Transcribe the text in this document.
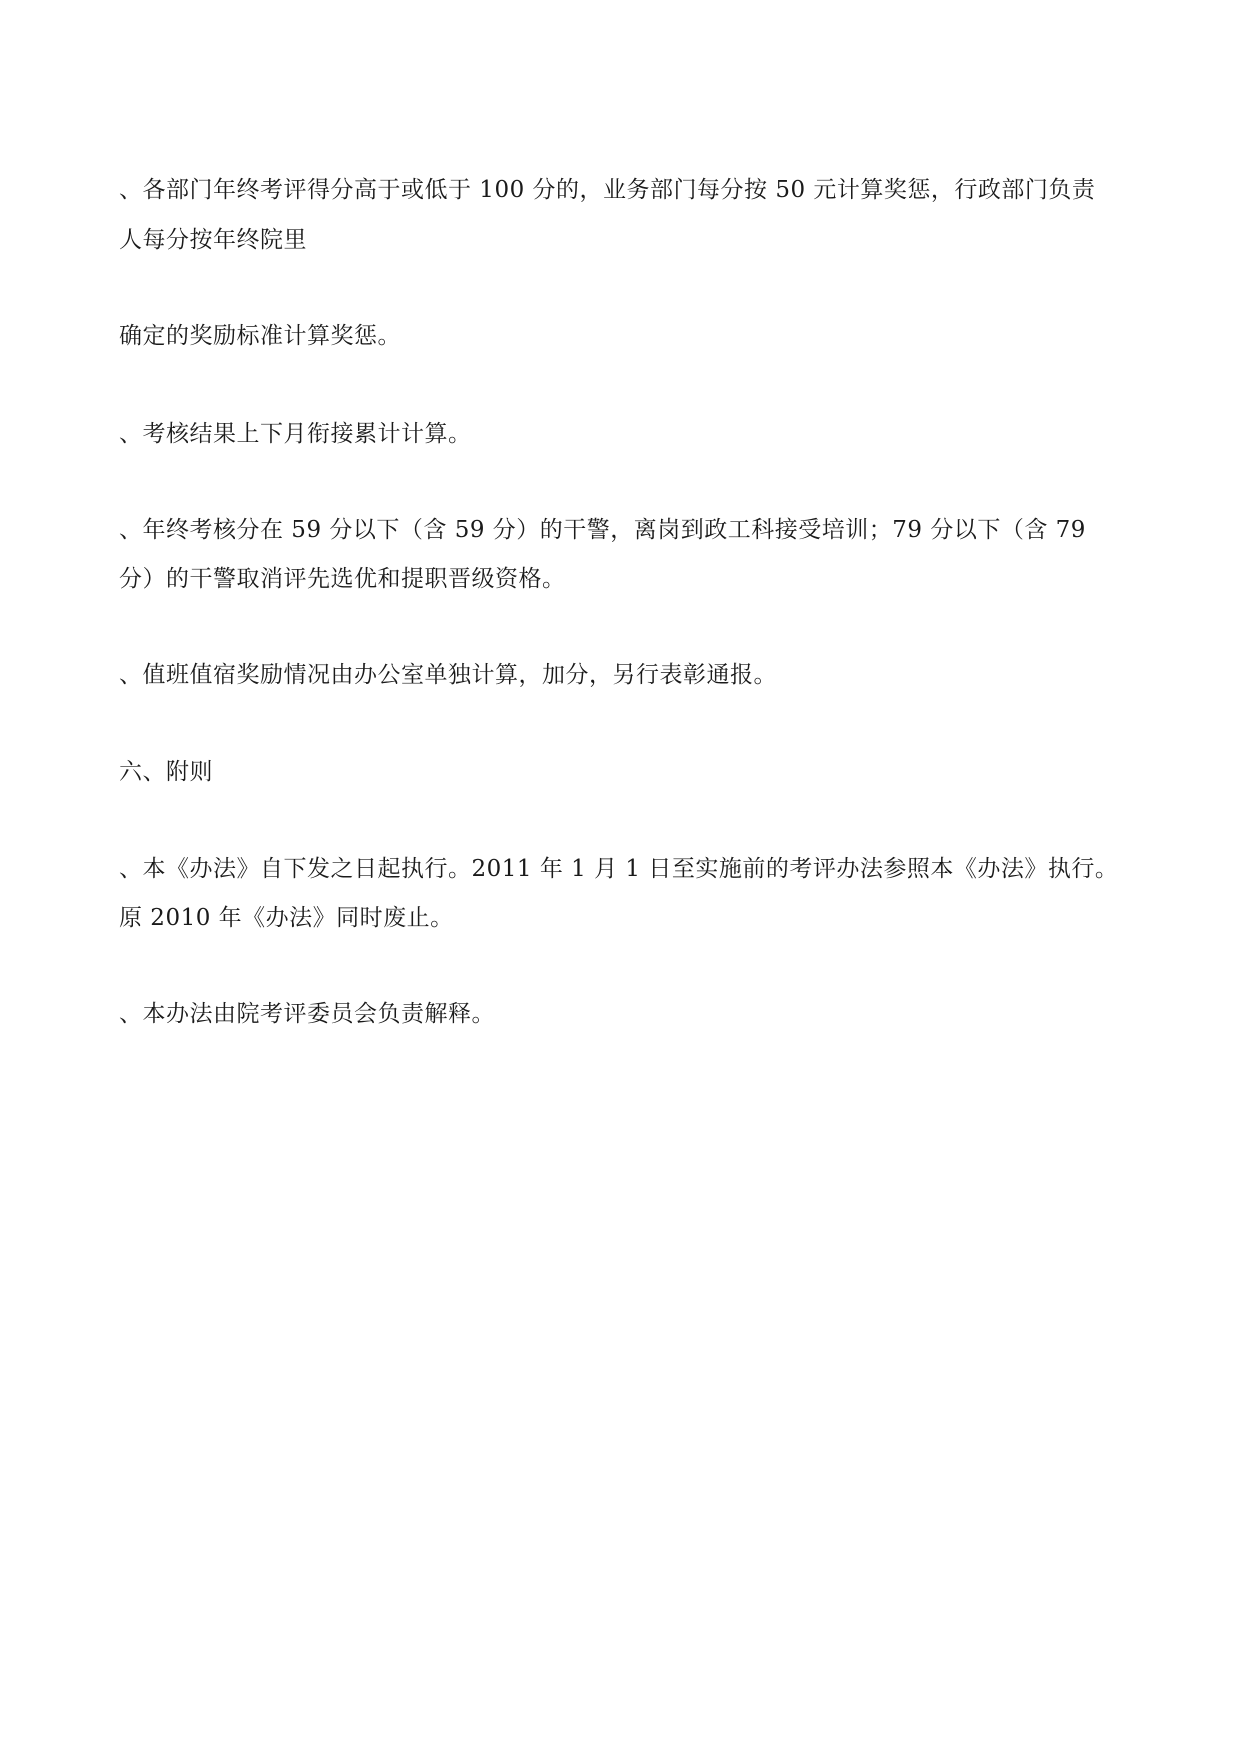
、各部门年终考评得分高于或低于 100 分的，业务部门每分按 50 元计算奖惩，行政部门负责

人每分按年终院里

确定的奖励标准计算奖惩。

、考核结果上下月衔接累计计算。

、年终考核分在 59 分以下（含 59 分）的干警，离岗到政工科接受培训；79 分以下（含 79

分）的干警取消评先选优和提职晋级资格。

、值班值宿奖励情况由办公室单独计算，加分，另行表彰通报。

六、附则

、本《办法》自下发之日起执行。2011 年 1 月 1 日至实施前的考评办法参照本《办法》执行。

原 2010 年《办法》同时废止。

、本办法由院考评委员会负责解释。
